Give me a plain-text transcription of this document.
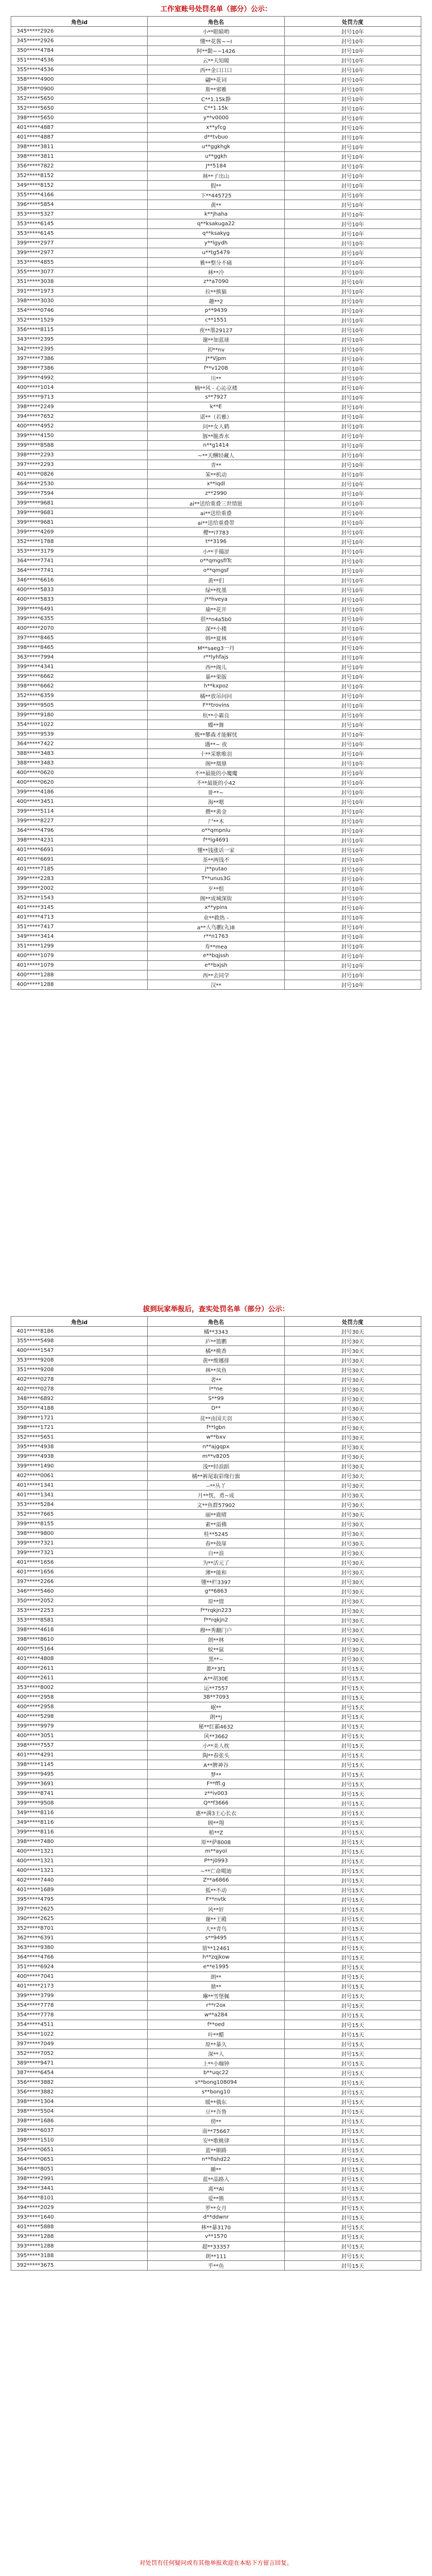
工作室账号处罚名单（部分）公示：
角色id	角色名	处罚力度
345*****2926	小**眼睛哟	封号10年
345*****2926	懂**花酱~~I	封号10年
350*****4784	阿**勤~~1426	封号10年
351*****4536	云**天知暖	封号10年
355*****4536	西**金口口口	封号10年
358*****4900	翩**花词	封号10年
358*****0900	斯**邪雅	封号10年
352*****5650	C**1.15k静	封号10年
352*****5650	C**1.15k	封号10年
398*****5650	y**v0000	封号10年
401*****4887	x**yfcg	封号10年
401*****4887	d**tvbuo	封号10年
398*****3811	u**ggkhgk	封号10年
398*****3811	u**ggkh	封号10年
356*****7822	J**5184	封号10年
352*****8152	林**子出山	封号10年
349*****8152	假**	封号10年
355*****4166	下**445725	封号10年
396*****5854	黄**	封号10年
353*****5327	k**jhaha	封号10年
353*****6145	q**ksakuga22	封号10年
353*****6145	q**ksakyg	封号10年
399*****2977	y**lgydh	封号10年
399*****2977	u**tg5479	封号10年
353*****4855	雅**整分不痛	封号10年
355*****3077	林**冷	封号10年
351*****3038	z**a7090	封号10年
391*****1973	拉**熊猫	封号10年
398*****3030	趣**2	封号10年
354*****0746	p**9439	封号10年
352*****1529	c**1551	封号10年
356*****8115	夜**墨29127	封号10年
343*****2395	谢**加蓝球	封号10年
342*****2395	初**nv	封号10年
397*****7386	J**Vjpm	封号10年
398*****7386	f**v1208	封号10年
399*****4992	川**	封号10年
400*****1014	楠**风 - 心沁京楼	封号10年
395*****9713	s**7927	封号10年
398*****2249	k**E	封号10年
394*****7652	诺**（若雅）	封号10年
400*****4952	问**女人鹤	封号10年
399*****4150	豚**脆香水	封号10年
399*****8588	n**g1414	封号10年
398*****2293	~**天酬轻藏人	封号10年
397*****2293	青**	封号10年
401*****0826	笨**机动	封号10年
364*****2530	x**iqdl	封号10年
399*****7594	z**2990	封号10年
399*****9681	ai**送给重叠三世情愿	封号10年
399*****9681	ai**送给重叠	封号10年
399*****9681	ai**送给重叠带	封号10年
399*****4269	樱**i7783	封号10年
352*****1788	t**3196	封号10年
353*****3179	小**手镯涩	封号10年
364*****7741	o**qmgsfITc	封号10年
364*****7741	o**qmgsf	封号10年
346*****6616	黄**们	封号10年
400*****5833	绿**枕墨	封号10年
400*****5833	j**hveya	封号10年
399*****6491	瑜**花开	封号10年
399*****6355	很**n4a5b0	封号10年
400*****2070	深**小楼	封号10年
397*****8465	韩**夏林	封号10年
398*****8465	M**saeg3一丹	封号10年
363*****7994	r**lyhfajs	封号10年
399*****4341	西**阁儿	封号10年
399*****6662	暴**果版	封号10年
398*****6662	h**kxpoz	封号10年
352*****6359	橘**放吊问问	封号10年
399*****9505	F**trovins	封号10年
399*****9180	杭**小霸良	封号10年
354*****1022	蝶**舞	封号10年
395*****9539	极**攀森才能解忧	封号10年
364*****7422	遇**~ 夜	封号10年
388*****3483	十**采歌唯羽	封号10年
388*****3483	阁**凰鼎	封号10年
400*****0620	不**最能的小魔魔	封号10年
400*****0620	不**最能的小42	封号10年
399*****4186	卧**~	封号10年
400*****3451	海**嗯	封号10年
399*****5114	攒**黄金	封号10年
399*****8227	尸**木	封号10年
364*****4796	o**qmpnlu	封号10年
398*****4231	f**lg4691	封号10年
401*****6691	懂**钱涨话一家	封号10年
401*****6691	茶**两钱不	封号10年
401*****7185	j**putao	封号10年
399*****2283	T**unus3G	封号10年
399*****2002	歹**恨	封号10年
352*****1543	阁**成城深街	封号10年
401*****3145	x**ypins	封号10年
401*****4713	业**救热 -	封号10年
351*****7417	a**人鸟鹏(丸)8	封号10年
349*****3414	r**n1763	封号10年
351*****1299	寿**mea	封号10年
400*****1079	e**bqjssh	封号10年
401*****1079	e**bxjsh	封号10年
400*****1288	西**去同学	封号10年
400*****1288	汉**	封号10年
拔到玩家举报后，查实处罚名单（部分）公示：
角色id	角色名	处罚力度
401*****8186	橘**3343	封号30天
355*****5498	庐**篮鹏	封号30天
400*****1547	橘**桃香	封号30天
353*****9208	黄**维娜排	封号30天
351*****9208	林**凤鱼	封号30天
402*****0278	者**	封号30天
402*****0278	l**ne	封号30天
348*****6892	S**99	封号30天
350*****4188	D**	封号30天
398*****1721	贫**由国天羽	封号30天
398*****1721	f**lgbn	封号30天
352*****5651	w**bxv	封号30天
395*****4938	n**ajgqpx	封号30天
399*****4938	m**v8205	封号30天
399*****1490	浅**轻浪蹈	封号30天
402*****0061	橘**裤尾取彩缘行旗	封号30天
401*****1341	--**丛丫	封号30天
401*****1341	月**恍，勇~成	封号30天
353*****5284	文**鱼群57902	封号30天
352*****7665	丽**鹿晴	封号30天
399*****8155	素**溢佛	封号30天
398*****9800	桂**5245	封号30天
399*****7321	春**鼓扉	封号30天
399*****7321	自**浪	封号30天
401*****1656	为**活元了	封号30天
401*****1656	薄**能和	封号30天
397*****2266	懂**栏3397	封号30天
346*****5460	g**6863	封号30天
350*****2052	原**情	封号30天
353*****2253	f**rqkjn223	封号30天
353*****8581	f**rqkjn2	封号30天
398*****4618	穆**秀翻门户	封号30天
398*****8610	朗**林	封号30天
400*****5164	蚊**鼠	封号30天
401*****4808	黑**~	封号30天
400*****2611	都**3f1	封号15天
400*****2611	A**胡30E	封号15天
353*****8002	运**7557	封号15天
400*****2958	3B**7093	封号15天
400*****2958	岷**	封号15天
400*****5298	朗**j	封号15天
399*****9979	秘**红霸4632	封号15天
400*****3051	风**3662	封号15天
398*****7557	小**美人枕	封号15天
401*****4291	陶**春张头	封号15天
398*****1145	A**脾神谷	封号15天
399*****9495	梦**	封号15天
399*****3691	F**ffl.g	封号15天
399*****8741	z**iv003	封号15天
399*****9508	Q**f3666	封号15天
349*****8116	惠**满3王心长衣	封号15天
349*****8116	顾**翔	封号15天
399*****8116	植**Z	封号15天
398*****7480	原**萨8008	封号15天
400*****1321	m**ayol	封号15天
400*****1321	P**j0993	封号15天
400*****1321	~**亡命噶迪	封号15天
402*****7440	Z**a6866	封号15天
401*****1689	狐**不动	封号15天
395*****4795	F**nvtk	封号15天
397*****2625	风**奸	封号15天
390*****2625	谢**王殿	封号15天
352*****8701	大**青鸟	封号15天
362*****6391	s**9495	封号15天
363*****9380	留**12461	封号15天
364*****4766	h**zqjkow	封号15天
351*****6924	e**e1995	封号15天
400*****7041	朗**	封号15天
401*****2173	鼎**	封号15天
399*****3799	琳**雪堡佩	封号15天
354*****7778	r**r2ox	封号15天
354*****7778	w**a284	封号15天
354*****4511	f**oed	封号15天
354*****1022	叶**醋	封号15天
397*****7049	原**暴久	封号15天
352*****7052	深**人	封号15天
389*****9471	上**小咖钟	封号15天
387*****6454	b**uqc22	封号15天
356*****3882	s**bong108094	封号15天
356*****3882	s**bong10	封号15天
398*****1304	暖**俄东	封号15天
398*****5504	豆**吾鲁	封号15天
398*****1686	傍**	封号15天
398*****6037	南**75667	封号15天
398*****1510	安**歌桃律	封号15天
354*****0651	蓝**顺路	封号15天
364*****0651	n**fishd22	封号15天
364*****8051	睡**	封号15天
398*****2991	蓝**晶路入	封号15天
394*****3441	离**Al	封号15天
364*****8101	爱**熊	封号15天
394*****2029	罗**女月	封号15天
393*****1640	d**ddwnr	封号15天
401*****5888	林**暴3170	封号15天
393*****1288	v**1570	封号15天
393*****1288	超**33357	封号15天
395*****3188	朗**111	封号15天
392*****3675	乎**鱼	封号15天
对处罚有任何疑问或有其他举报欢迎在本贴下方留言回复。
